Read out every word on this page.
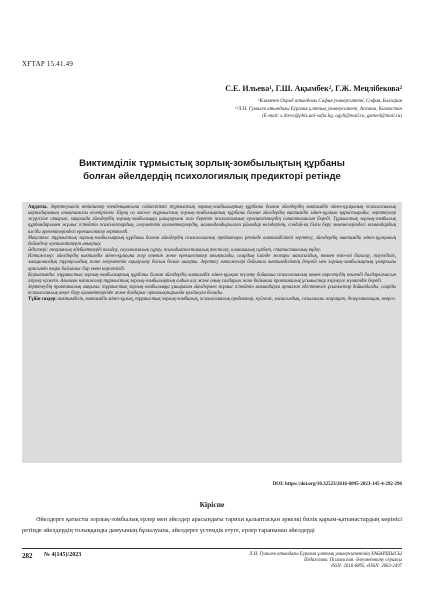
ХҒТАР 15.41.49
С.Е. Ильева¹, Г.Ш. Ақымбек², Г.Ж. Меңлібекова²
¹Климент Охрид атындағы София университеті, София, Болгария
¹²Л.Н. Гумилев атындағы Еуразия ұлттық университеті, Астана, Казахстан
(E-mail: s.ilieva@phls.uni-sofia.bg, agyli@mail.ru, gzmenl@mail.ru)
Виктимділік тұрмыстық зорлық-зомбылықтың құрбаны
болған әйелдердің психологиялық предикторі ретінде

Аңдатпа. Зерттеушілік өтініштер тенденциясына сәйкестікті түрмыстық зорлық-зомбылықтың құрбаны болған әйелдердің виктимдік мінез-құлқының психологиялық ықпалдарының анықтамасы келтірілген. Бірақ ол мәселе тұрмыстық зорлық-зомбылықтың құрбаны болған әйелдердің виктимдік мінез-құлқын қарастырады, зерттеулер жүргізіле отырып, мақалада әйелдердің зорлық-зомбылыққа ұшырауына жол беретін психологиялық ерекшеліктердің сипаттамасын береді. Тұрмыстық зорлық-зомбылық құрбандарымен жұмыс істейтін психологтардың, әлеуметтік қызметкерлердің, мамандандырылған ұйымдар өкілдерінің, сондай-ақ білім беру мекемелеріндегі мамандардың кәсіби әрекеттеріндегі ерекшеліктер зерттелді.

Мақсаты: тұрмыстық зорлық-зомбылықтың құрбаны болған әйелдердің психологиялық предикторы ретінде виктимділікті зерттеу, әйелдердің виктимдік мінез-құлқының бейімделу ерекшеліктерін анықтау.

Әдістері: теориялық әдебиеттерді талдау, сауалнамалық сұрау, психодиагностикалық тестілеу, клиникалық сұхбат, статистикалық өңдеу.

Нәтижелер: әйелдердің виктимдік мінез-құлқына әсер ететін жеке ерекшеліктер анықталды, олардың ішінде жоғары мазасыздық, төмен өзін-өзі бағалау, тәуелділік, эмоционалдық тұрақсыздық және әлеуметтік оқшаулану басым болып шықты. Зерттеу нәтижелері бойынша виктимділіктің деңгейі мен зорлық-зомбылықтың ұзақтығы арасында өзара байланыс бар екені көрсетілді.

Қорытынды: тұрмыстық зорлық-зомбылықтың құрбаны болған әйелдердің виктимдік мінез-құлқын түзету бойынша психологиялық көмек көрсетудің кешенді бағдарламасын әзірлеу қажет. Алынған нәтижелер тұрмыстық зорлық-зомбылықтың алдын алу және оның салдарын жою бойынша практикалық ұсыныстар әзірлеуге мүмкіндік береді.

Зерттеудің практикалық маңызы: тұрмыстық зорлық-зомбылыққа ұшыраған әйелдермен жұмыс істейтін мамандарға арналған әдістемелік ұсыныстар дайындалды, оларды психологиялық кеңес беру қызметтерінде және дағдарыс орталықтарында қолдануға болады.

Түйін сөздер: виктимділік, виктимдік мінез-құлық, тұрмыстық зорлық-зомбылық, психологиялық предиктор, күйзеліс, мазасыздық, созылмалы жарақат, дезорганизация, невроз.

DOI: https://doi.org/10.32523/2616-6895-2023-145-4-292-296
Кіріспе

Әйелдерге қатысты зорлық-зомбылық ерлер мен әйелдер арасындағы тарихи қалыптасқан әркелкі билік қарым-қатынастардың көрінісі ретінде әйелдердің толыққанды дамуының бұзылуына, әйелдерге үстемдік етуге, ерлер тарапынан әйелдерді

282 № 4(145)/2023	Л.Н. Гумилев атындағы Еуразия ұлттық университетінің ХАБАРШЫСЫ
Педагогика. Психология. Әлеуметтану сериясы
ISSN: 2616-6895, eISSN: 2663-2497
